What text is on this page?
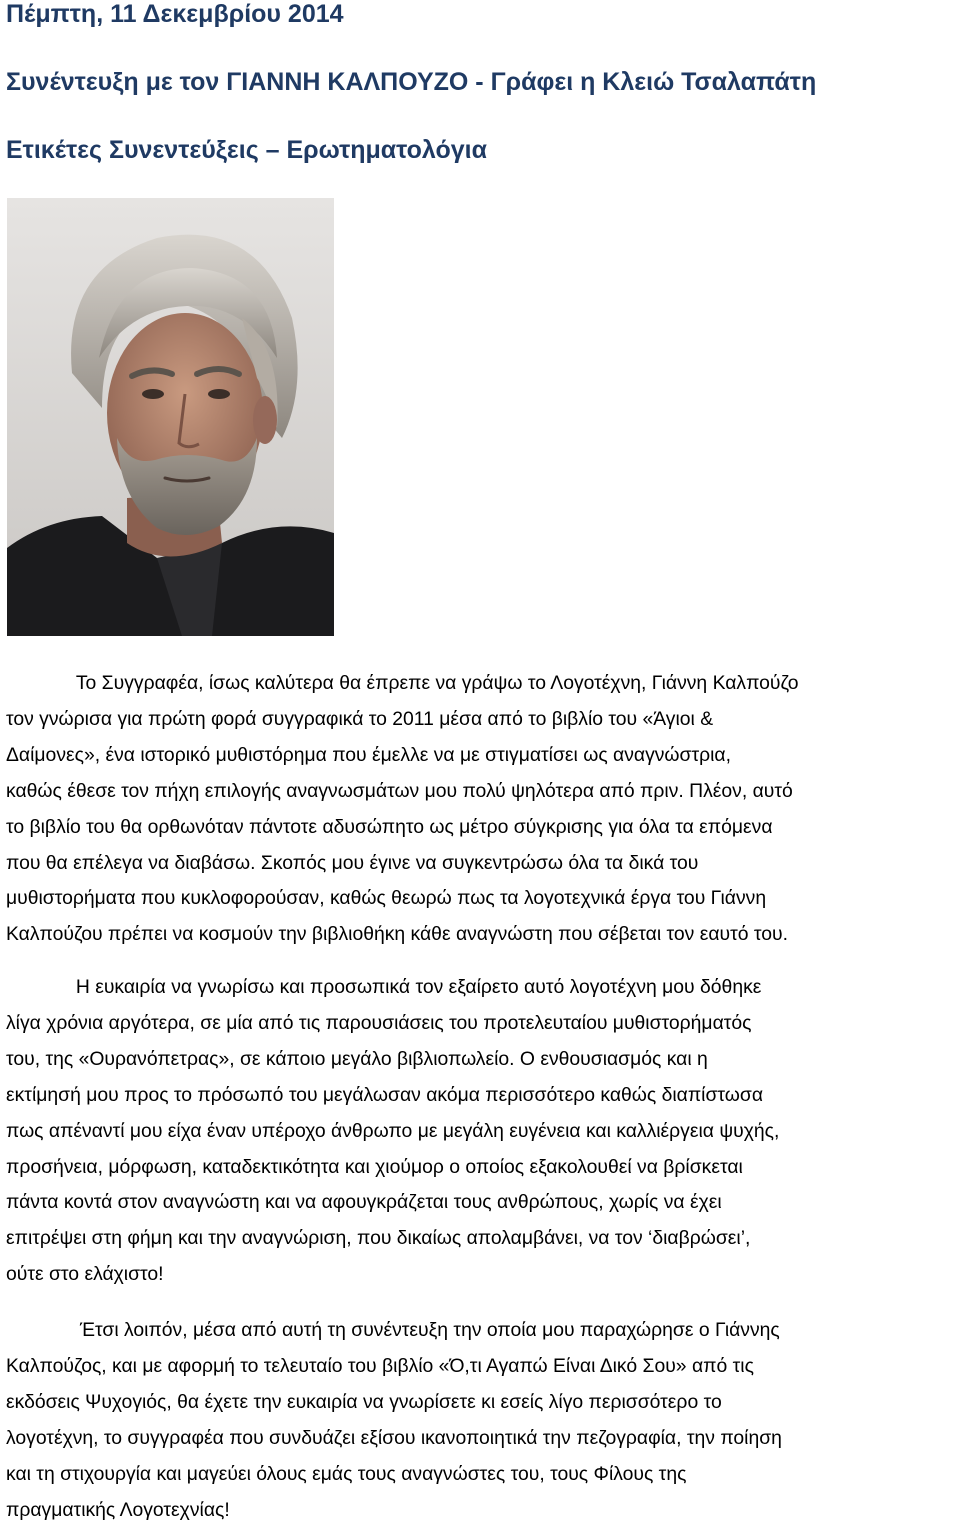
Πέμπτη, 11 Δεκεμβρίου 2014
Συνέντευξη με τον ΓΙΑΝΝΗ ΚΑΛΠΟΥΖΟ - Γράφει η Κλειώ Τσαλαπάτη
Ετικέτες Συνεντεύξεις – Ερωτηματολόγια
Το Συγγραφέα, ίσως καλύτερα θα έπρεπε να γράψω το Λογοτέχνη, Γιάννη Καλπούζο τον γνώρισα για πρώτη φορά συγγραφικά το 2011 μέσα από το βιβλίο του «Άγιοι & Δαίμονες», ένα ιστορικό μυθιστόρημα που έμελλε να με στιγματίσει ως αναγνώστρια, καθώς έθεσε τον πήχη επιλογής αναγνωσμάτων μου πολύ ψηλότερα από πριν. Πλέον, αυτό το βιβλίο του θα ορθωνόταν πάντοτε αδυσώπητο ως μέτρο σύγκρισης για όλα τα επόμενα που θα επέλεγα να διαβάσω. Σκοπός μου έγινε να συγκεντρώσω όλα τα δικά του μυθιστορήματα που κυκλοφορούσαν, καθώς θεωρώ πως τα λογοτεχνικά έργα του Γιάννη Καλπούζου πρέπει να κοσμούν την βιβλιοθήκη κάθε αναγνώστη που σέβεται τον εαυτό του.
Η ευκαιρία να γνωρίσω και προσωπικά τον εξαίρετο αυτό λογοτέχνη μου δόθηκε λίγα χρόνια αργότερα, σε μία από τις παρουσιάσεις του προτελευταίου μυθιστορήματός του, της «Ουρανόπετρας», σε κάποιο μεγάλο βιβλιοπωλείο. Ο ενθουσιασμός και η εκτίμησή μου προς το πρόσωπό του μεγάλωσαν ακόμα περισσότερο καθώς διαπίστωσα πως απέναντί μου είχα έναν υπέροχο άνθρωπο με μεγάλη ευγένεια και καλλιέργεια ψυχής, προσήνεια, μόρφωση, καταδεκτικότητα και χιούμορ ο οποίος εξακολουθεί να βρίσκεται πάντα κοντά στον αναγνώστη και να αφουγκράζεται τους ανθρώπους, χωρίς να έχει επιτρέψει στη φήμη και την αναγνώριση, που δικαίως απολαμβάνει, να τον ‘διαβρώσει’, ούτε στο ελάχιστο!
Έτσι λοιπόν, μέσα από αυτή τη συνέντευξη την οποία μου παραχώρησε ο Γιάννης Καλπούζος, και με αφορμή το τελευταίο του βιβλίο «Ό,τι Αγαπώ Είναι Δικό Σου» από τις εκδόσεις Ψυχογιός, θα έχετε την ευκαιρία να γνωρίσετε κι εσείς λίγο περισσότερο το λογοτέχνη, το συγγραφέα που συνδυάζει εξίσου ικανοποιητικά την πεζογραφία, την ποίηση και τη στιχουργία και μαγεύει όλους εμάς τους αναγνώστες του, τους Φίλους της πραγματικής Λογοτεχνίας!
